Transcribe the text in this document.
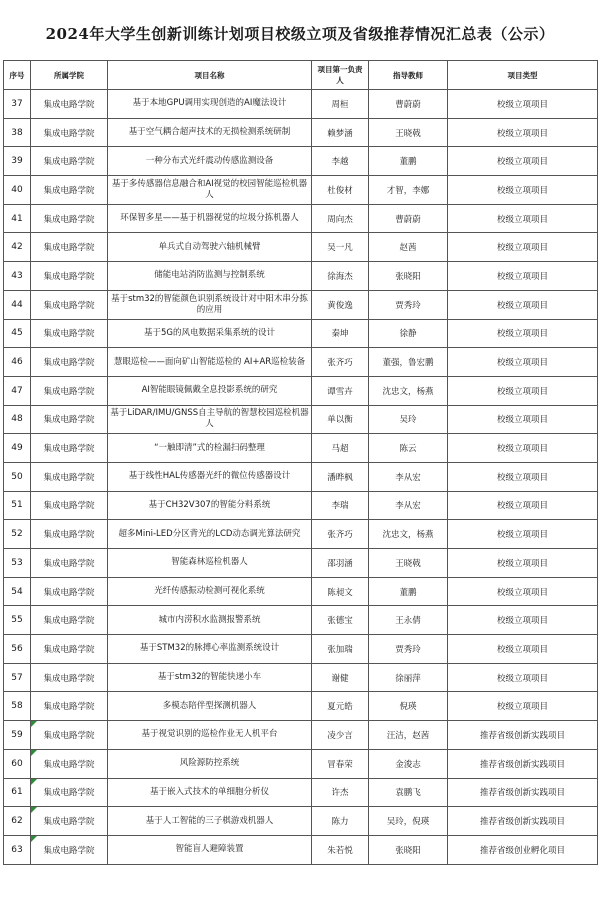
2024年大学生创新训练计划项目校级立项及省级推荐情况汇总表（公示）
序号	所属学院	项目名称	项目第一负责人	指导教师	项目类型
37	集成电路学院	基于本地GPU调用实现创造的AI魔法设计	周桓	曹蔚蔚	校级立项项目
38	集成电路学院	基于空气耦合超声技术的无损检测系统研制	赖梦涵	王晓戟	校级立项项目
39	集成电路学院	一种分布式光纤震动传感监测设备	李越	董鹏	校级立项项目
40	集成电路学院	基于多传感器信息融合和AI视觉的校园智能巡检机器人	杜俊材	才智，李娜	校级立项项目
41	集成电路学院	环保智多星——基于机器视觉的垃圾分拣机器人	周向杰	曹蔚蔚	校级立项项目
42	集成电路学院	单兵式自动驾驶六轴机械臂	吴一凡	赵茜	校级立项项目
43	集成电路学院	储能电站消防监测与控制系统	徐海杰	张晓阳	校级立项项目
44	集成电路学院	基于stm32的智能颜色识别系统设计对中阳木串分拣的应用	黄俊逸	贾秀玲	校级立项项目
45	集成电路学院	基于5G的风电数据采集系统的设计	秦坤	徐静	校级立项项目
46	集成电路学院	慧眼巡检——面向矿山智能巡检的 AI+AR巡检装备	张齐巧	董强，鲁宏鹏	校级立项项目
47	集成电路学院	AI智能眼镜佩戴全息投影系统的研究	谭雪卉	沈忠文，杨燕	校级立项项目
48	集成电路学院	基于LiDAR/IMU/GNSS自主导航的智慧校园巡检机器人	单以衡	吴玲	校级立项项目
49	集成电路学院	“一触即清”式的检漏扫码整理	马超	陈云	校级立项项目
50	集成电路学院	基于线性HAL传感器光纤的微位传感器设计	潘晔枫	李从宏	校级立项项目
51	集成电路学院	基于CH32V307的智能分料系统	李瑞	李从宏	校级立项项目
52	集成电路学院	超多Mini-LED分区背光的LCD动态调光算法研究	张齐巧	沈忠文，杨燕	校级立项项目
53	集成电路学院	智能森林巡检机器人	邵羽涵	王晓戟	校级立项项目
54	集成电路学院	光纤传感振动检测可视化系统	陈昶文	董鹏	校级立项项目
55	集成电路学院	城市内涝积水监测报警系统	张德宝	王永倩	校级立项项目
56	集成电路学院	基于STM32的脉搏心率监测系统设计	张加瑞	贾秀玲	校级立项项目
57	集成电路学院	基于stm32的智能快递小车	谢健	徐丽萍	校级立项项目
58	集成电路学院	多模态陪伴型探测机器人	夏元皓	倪瑛	校级立项项目
59	集成电路学院	基于视觉识别的巡检作业无人机平台	凌少言	汪洁，赵茜	推荐省级创新实践项目
60	集成电路学院	风险源防控系统	冒春荣	金浚志	推荐省级创新实践项目
61	集成电路学院	基于嵌入式技术的单细胞分析仪	许杰	袁鹏飞	推荐省级创新实践项目
62	集成电路学院	基于人工智能的三子棋游戏机器人	陈力	吴玲，倪瑛	推荐省级创新实践项目
63	集成电路学院	智能盲人避障装置	朱若悦	张晓阳	推荐省级创业孵化项目
